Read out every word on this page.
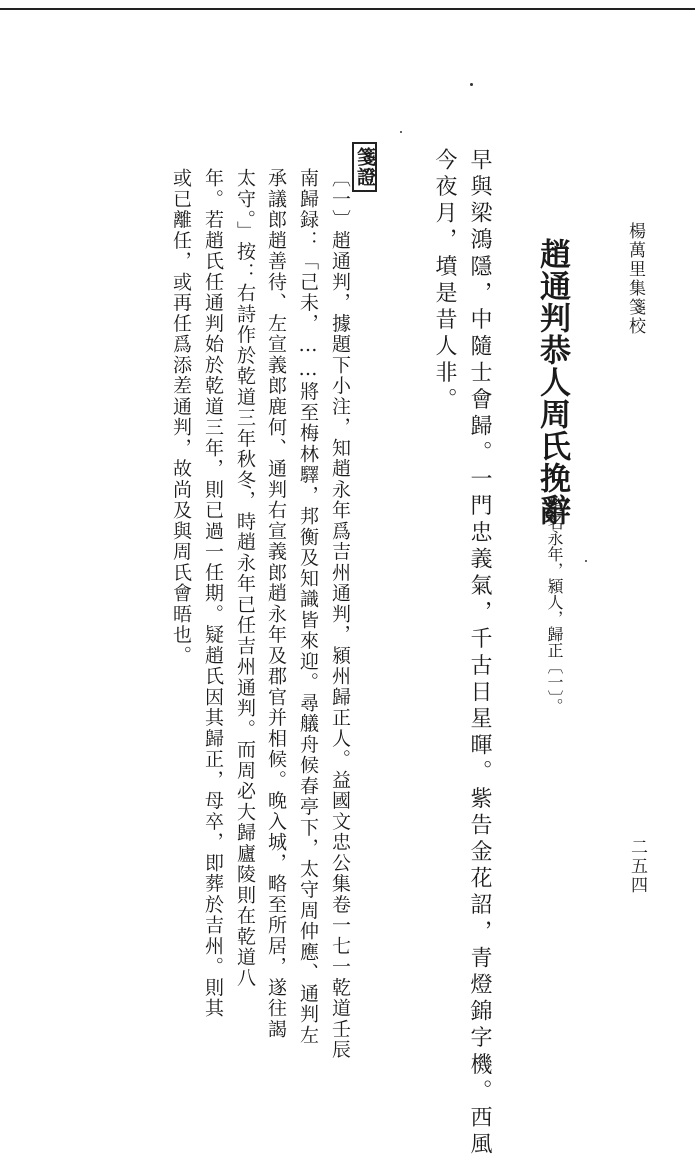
楊萬里集箋校
二五四
趙通判恭人周氏挽辭
趙名永年，潁人，歸正〔一〕。
早與梁鴻隱，中隨士會歸。一門忠義氣，千古日星暉。紫告金花詔，青燈錦字機。西風
今夜月，墳是昔人非。
箋證
〔一〕趙通判，據題下小注，知趙永年爲吉州通判，潁州歸正人。益國文忠公集卷一七一乾道壬辰
南歸録：「己未，……將至梅林驛，邦衡及知識皆來迎。尋艤舟候春亭下，太守周仲應、通判左
承議郎趙善待、左宣義郎鹿何、通判右宣義郎趙永年及郡官并相候。晚入城，略至所居，遂往謁
太守。」按：右詩作於乾道三年秋冬，時趙永年已任吉州通判。而周必大歸廬陵則在乾道八
年。若趙氏任通判始於乾道三年，則已過一任期。疑趙氏因其歸正，母卒，即葬於吉州。則其
或已離任，或再任爲添差通判，故尚及與周氏會晤也。
